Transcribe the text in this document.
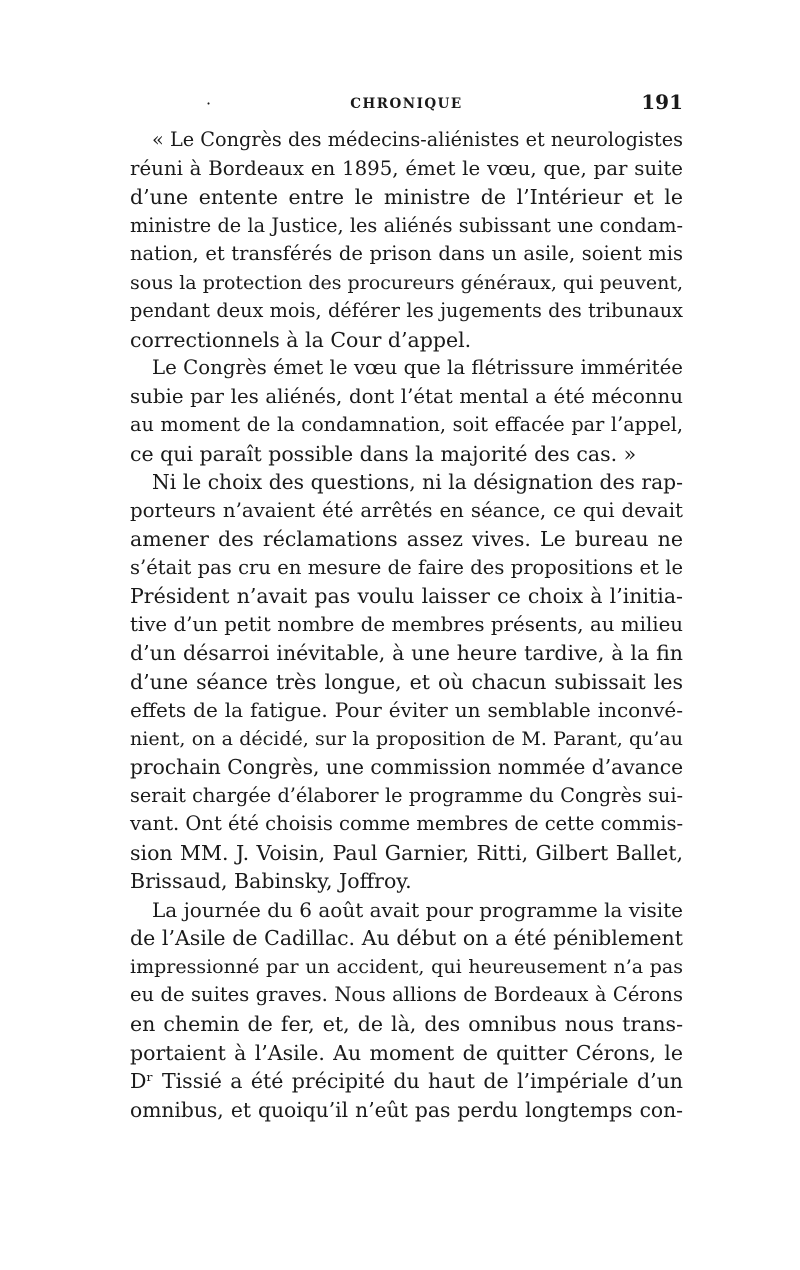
·	CHRONIQUE	191
« Le Congrès des médecins-aliénistes et neurologistes
réuni à Bordeaux en 1895, émet le vœu, que, par suite
d’une entente entre le ministre de l’Intérieur et le
ministre de la Justice, les aliénés subissant une condam-
nation, et transférés de prison dans un asile, soient mis
sous la protection des procureurs généraux, qui peuvent,
pendant deux mois, déférer les jugements des tribunaux
correctionnels à la Cour d’appel.
Le Congrès émet le vœu que la flétrissure imméritée
subie par les aliénés, dont l’état mental a été méconnu
au moment de la condamnation, soit effacée par l’appel,
ce qui paraît possible dans la majorité des cas. »
Ni le choix des questions, ni la désignation des rap-
porteurs n’avaient été arrêtés en séance, ce qui devait
amener des réclamations assez vives. Le bureau ne
s’était pas cru en mesure de faire des propositions et le
Président n’avait pas voulu laisser ce choix à l’initia-
tive d’un petit nombre de membres présents, au milieu
d’un désarroi inévitable, à une heure tardive, à la fin
d’une séance très longue, et où chacun subissait les
effets de la fatigue. Pour éviter un semblable inconvé-
nient, on a décidé, sur la proposition de M. Parant, qu’au
prochain Congrès, une commission nommée d’avance
serait chargée d’élaborer le programme du Congrès sui-
vant. Ont été choisis comme membres de cette commis-
sion MM. J. Voisin, Paul Garnier, Ritti, Gilbert Ballet,
Brissaud, Babinsky, Joffroy.
La journée du 6 août avait pour programme la visite
de l’Asile de Cadillac. Au début on a été péniblement
impressionné par un accident, qui heureusement n’a pas
eu de suites graves. Nous allions de Bordeaux à Cérons
en chemin de fer, et, de là, des omnibus nous trans-
portaient à l’Asile. Au moment de quitter Cérons, le
Dʳ Tissié a été précipité du haut de l’impériale d’un
omnibus, et quoiqu’il n’eût pas perdu longtemps con-
